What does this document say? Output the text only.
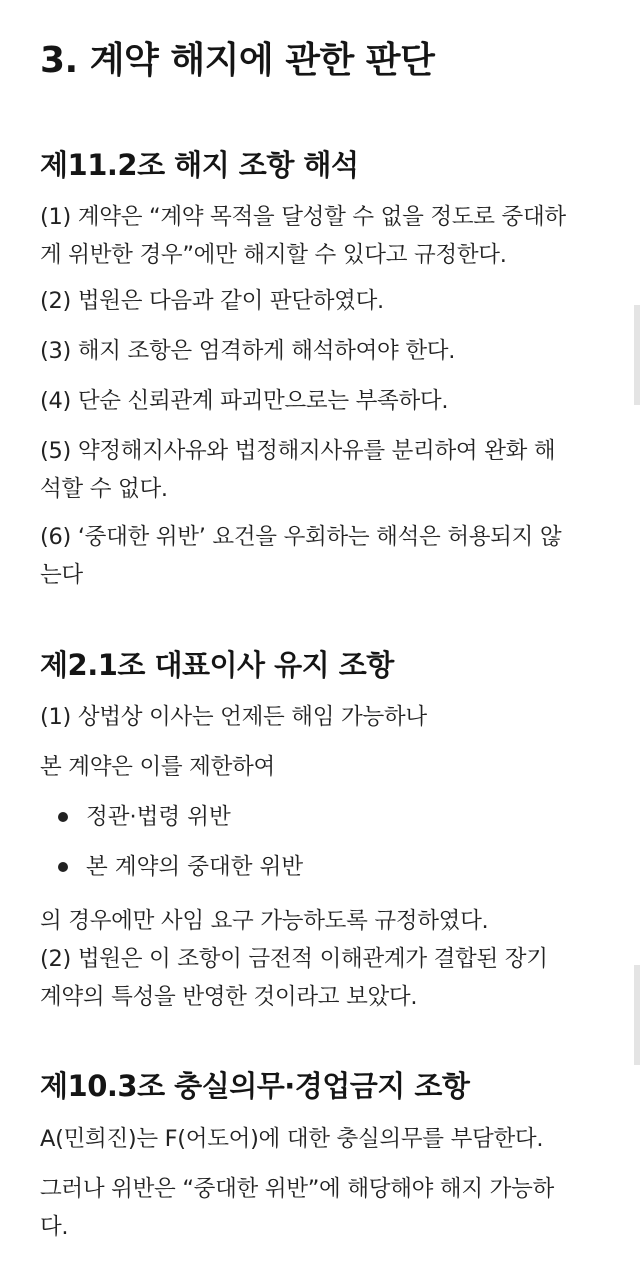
3. 계약 해지에 관한 판단
제11.2조 해지 조항 해석

(1) 계약은 “계약 목적을 달성할 수 없을 정도로 중대하
게 위반한 경우”에만 해지할 수 있다고 규정한다.

(2) 법원은 다음과 같이 판단하였다.

(3) 해지 조항은 엄격하게 해석하여야 한다.

(4) 단순 신뢰관계 파괴만으로는 부족하다.

(5) 약정해지사유와 법정해지사유를 분리하여 완화 해
석할 수 없다.

(6) ‘중대한 위반’ 요건을 우회하는 해석은 허용되지 않
는다

제2.1조 대표이사 유지 조항

(1) 상법상 이사는 언제든 해임 가능하나

본 계약은 이를 제한하여

정관·법령 위반
본 계약의 중대한 위반

의 경우에만 사임 요구 가능하도록 규정하였다.

(2) 법원은 이 조항이 금전적 이해관계가 결합된 장기

계약의 특성을 반영한 것이라고 보았다.

제10.3조 충실의무·경업금지 조항

A(민희진)는 F(어도어)에 대한 충실의무를 부담한다.

그러나 위반은 “중대한 위반”에 해당해야 해지 가능하
다.
